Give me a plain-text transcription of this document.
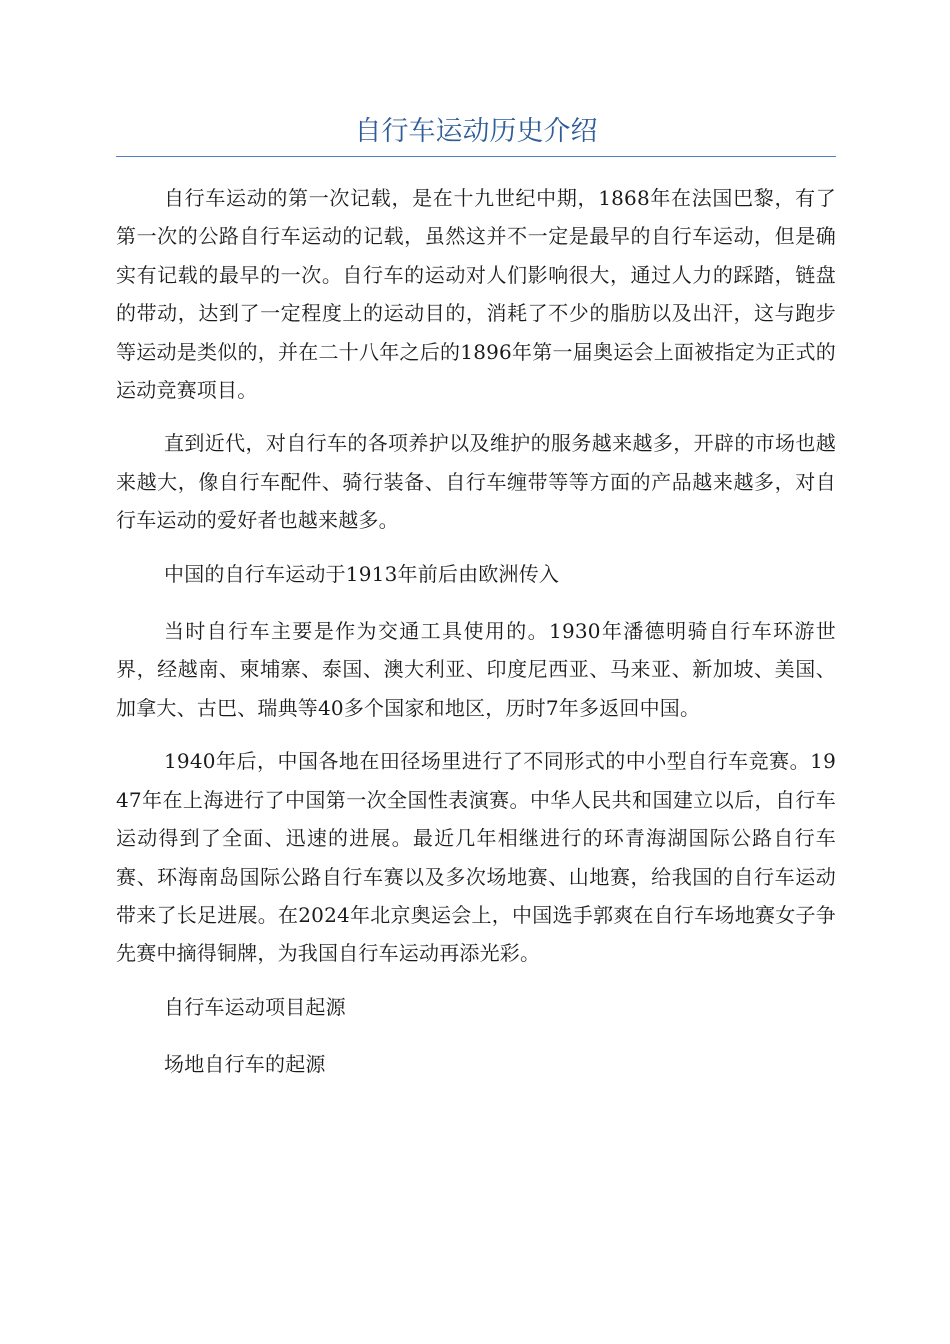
自行车运动历史介绍

自行车运动的第一次记载，是在十九世纪中期，1868年在法国巴黎，有了第一次的公路自行车运动的记载，虽然这并不一定是最早的自行车运动，但是确实有记载的最早的一次。自行车的运动对人们影响很大，通过人力的踩踏，链盘的带动，达到了一定程度上的运动目的，消耗了不少的脂肪以及出汗，这与跑步等运动是类似的，并在二十八年之后的1896年第一届奥运会上面被指定为正式的运动竞赛项目。

直到近代，对自行车的各项养护以及维护的服务越来越多，开辟的市场也越来越大，像自行车配件、骑行装备、自行车缠带等等方面的产品越来越多，对自行车运动的爱好者也越来越多。

中国的自行车运动于1913年前后由欧洲传入

当时自行车主要是作为交通工具使用的。1930年潘德明骑自行车环游世界，经越南、柬埔寨、泰国、澳大利亚、印度尼西亚、马来亚、新加坡、美国、加拿大、古巴、瑞典等40多个国家和地区，历时7年多返回中国。

1940年后，中国各地在田径场里进行了不同形式的中小型自行车竞赛。1947年在上海进行了中国第一次全国性表演赛。中华人民共和国建立以后，自行车运动得到了全面、迅速的进展。最近几年相继进行的环青海湖国际公路自行车赛、环海南岛国际公路自行车赛以及多次场地赛、山地赛，给我国的自行车运动带来了长足进展。在2024年北京奥运会上，中国选手郭爽在自行车场地赛女子争先赛中摘得铜牌，为我国自行车运动再添光彩。

自行车运动项目起源

场地自行车的起源
